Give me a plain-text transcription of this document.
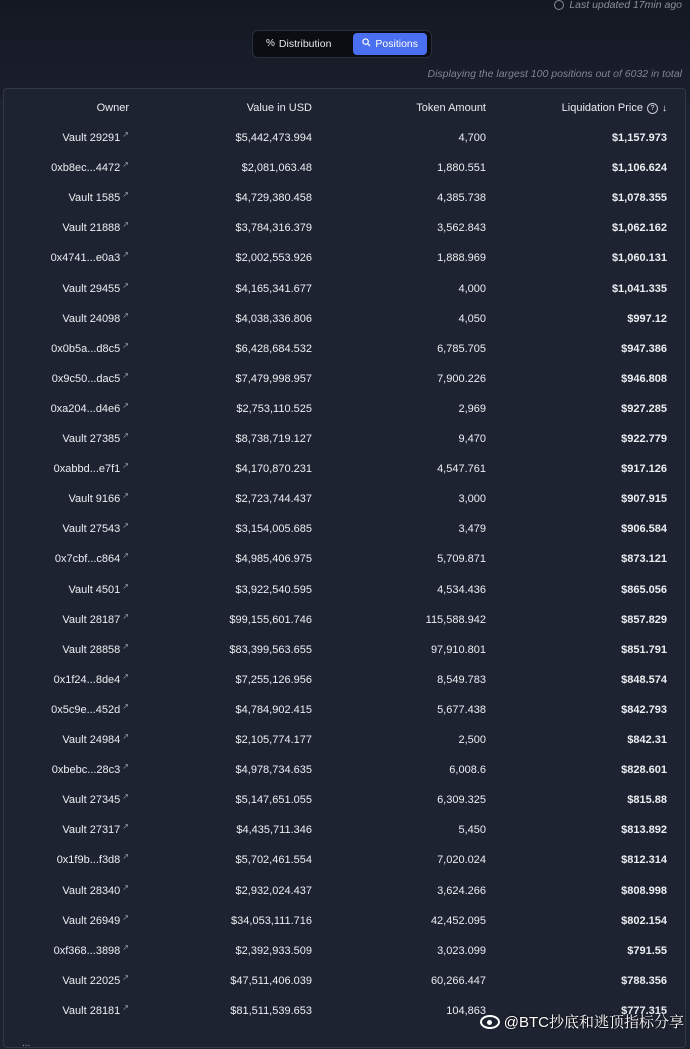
Last updated 17min ago
% Distribution	Positions
Displaying the largest 100 positions out of 6032 in total
Owner	Value in USD	Token Amount	Liquidation Price ? ↓
Vault 29291 ↗	$5,442,473.994	4,700	$1,157.973
0xb8ec...4472 ↗	$2,081,063.48	1,880.551	$1,106.624
Vault 1585 ↗	$4,729,380.458	4,385.738	$1,078.355
Vault 21888 ↗	$3,784,316.379	3,562.843	$1,062.162
0x4741...e0a3 ↗	$2,002,553.926	1,888.969	$1,060.131
Vault 29455 ↗	$4,165,341.677	4,000	$1,041.335
Vault 24098 ↗	$4,038,336.806	4,050	$997.12
0x0b5a...d8c5 ↗	$6,428,684.532	6,785.705	$947.386
0x9c50...dac5 ↗	$7,479,998.957	7,900.226	$946.808
0xa204...d4e6 ↗	$2,753,110.525	2,969	$927.285
Vault 27385 ↗	$8,738,719.127	9,470	$922.779
0xabbd...e7f1 ↗	$4,170,870.231	4,547.761	$917.126
Vault 9166 ↗	$2,723,744.437	3,000	$907.915
Vault 27543 ↗	$3,154,005.685	3,479	$906.584
0x7cbf...c864 ↗	$4,985,406.975	5,709.871	$873.121
Vault 4501 ↗	$3,922,540.595	4,534.436	$865.056
Vault 28187 ↗	$99,155,601.746	115,588.942	$857.829
Vault 28858 ↗	$83,399,563.655	97,910.801	$851.791
0x1f24...8de4 ↗	$7,255,126.956	8,549.783	$848.574
0x5c9e...452d ↗	$4,784,902.415	5,677.438	$842.793
Vault 24984 ↗	$2,105,774.177	2,500	$842.31
0xbebc...28c3 ↗	$4,978,734.635	6,008.6	$828.601
Vault 27345 ↗	$5,147,651.055	6,309.325	$815.88
Vault 27317 ↗	$4,435,711.346	5,450	$813.892
0x1f9b...f3d8 ↗	$5,702,461.554	7,020.024	$812.314
Vault 28340 ↗	$2,932,024.437	3,624.266	$808.998
Vault 26949 ↗	$34,053,111.716	42,452.095	$802.154
0xf368...3898 ↗	$2,392,933.509	3,023.099	$791.55
Vault 22025 ↗	$47,511,406.039	60,266.447	$788.356
Vault 28181 ↗	$81,511,539.653	104,863	$777.315
...
@BTC抄底和逃顶指标分享
